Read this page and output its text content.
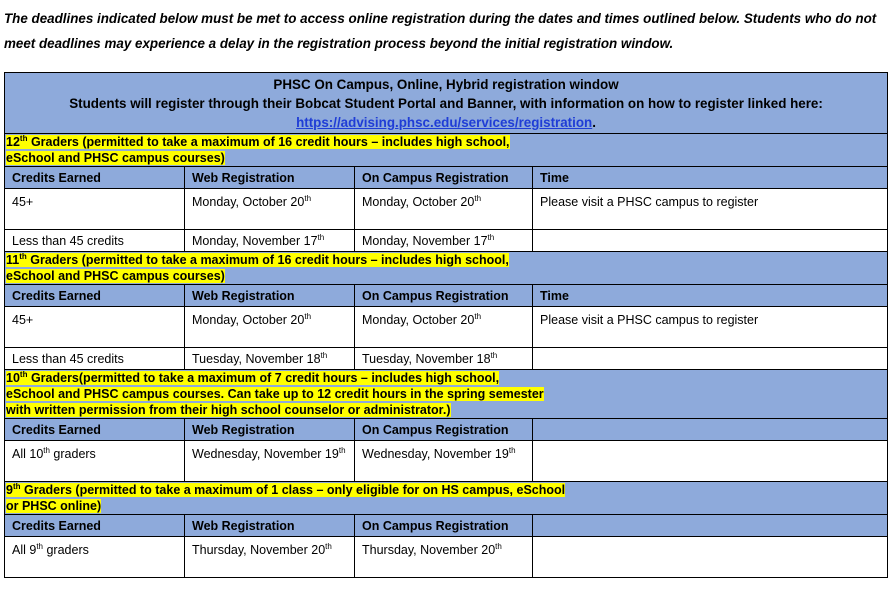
The deadlines indicated below must be met to access online registration during the dates and times outlined below. Students who do not meet deadlines may experience a delay in the registration process beyond the initial registration window.
PHSC On Campus, Online, Hybrid registration window
Students will register through their Bobcat Student Portal and Banner, with information on how to register linked here:
https://advising.phsc.edu/services/registration.			

12th Graders (permitted to take a maximum of 16 credit hours – includes high school,
eSchool and PHSC campus courses)			
Credits Earned	Web Registration	On Campus Registration	Time
45+	Monday, October 20th	Monday, October 20th	Please visit a PHSC campus to register
Less than 45 credits	Monday, November 17th	Monday, November 17th	
11th Graders (permitted to take a maximum of 16 credit hours – includes high school,
eSchool and PHSC campus courses)			
Credits Earned	Web Registration	On Campus Registration	Time
45+	Monday, October 20th	Monday, October 20th	Please visit a PHSC campus to register
Less than 45 credits	Tuesday, November 18th	Tuesday, November 18th	
10th Graders(permitted to take a maximum of 7 credit hours – includes high school,
eSchool and PHSC campus courses. Can take up to 12 credit hours in the spring semester
with written permission from their high school counselor or administrator.)			
Credits Earned	Web Registration	On Campus Registration	
All 10th graders	Wednesday, November 19th	Wednesday, November 19th	
9th Graders (permitted to take a maximum of 1 class – only eligible for on HS campus, eSchool
or PHSC online)			
Credits Earned	Web Registration	On Campus Registration	
All 9th graders	Thursday, November 20th	Thursday, November 20th	
